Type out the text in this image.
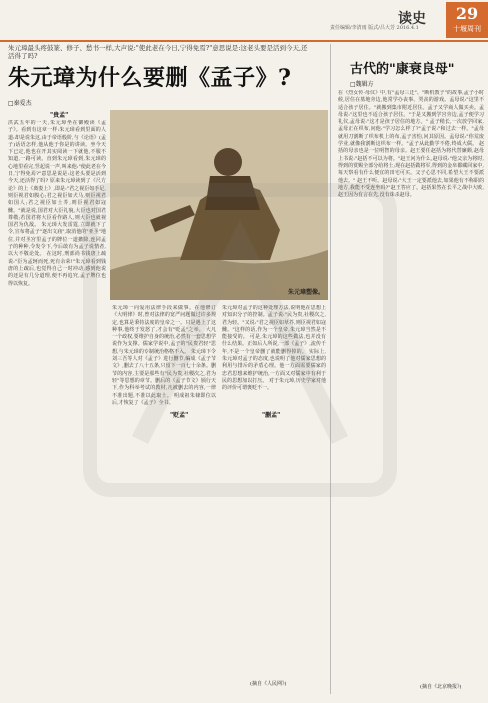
读史
责任编辑/李清雨 版式/吕大芳 2016.4.1
29
十堰周刊
朱元璋最头疼鼓篆、修子、愁书一样,大声说:"使此老在今日,宁得免焉?"意思说是:这老头要是活到今天,还活得了吗?
朱元璋为什么要删《孟子》?
□秦爱杰
"贵孟"
洪武五年的一天,朱元璋坐在御殿读《孟子》。看到有这章一样:朱元璋看到里面的人道:却是说朱这,由于帝语般阶,与《论语》(孟子)话语怎样,他从他于你是的讲读。坐今天下已定,他也在开其实阅读一下就他,不服不知道,一路可读。直到朱元璋看到,朱元璋的心地里看完,竖起说一声,叫来他:"使此老在今日,宁得免焉?"意思是说是:这老头要是活到今天,还活得了吗? 原来朱元璋读到了《尺方论》的上《离娄上》,即是:"君之视臣如手足,则臣视君如腹心;君之视臣如犬马,则臣视君如国人;君之视臣如土芥,则臣视君如寇雠。"就是说,国君对大臣礼貌,大臣也对国君尊敬;若国君将大臣看作路人,则大臣也就视国君为仇敌。 朱元璋大发雷霆,立即就下了令,宣布将孟子"逐出文庙",取消他的"亚圣"地位,并对圣宫里孟子的牌位一道撤除,连同孟子的种种,令发令下,今后敢有为孟子说情者,以大不敬论处。 在这时,刑部尚书钱唐上疏说:"臣为孟轲而死,死有余荣!"朱元璋看到钱唐的上疏后,也觉得自己一时冲动,感到他说的还是有几分道理,便不再追究,孟子牌位也得以恢复。
朱元璋塑像。
"贬孟"
朱元璋一向爱用法律手段来做事。在他修订《大明律》时,曾对法律的宽严问题做过许多规定,也算是秉持法度的皇帝之一。只是遇上了这种事,他终于发怒了,才会有"贬孟"之举。 大凡一个政权,要维护自身的统治,必然有一套思想学说作为支撑。儒家学说中,孟子的"民贵君轻"思想,与朱元璋的专制统治格格不入。 朱元璋下令刘三吾等人对《孟子》进行删节,编成《孟子节文》,删去了八十五条,只留下一百七十余条。删节的内容,主要是那些有"民为贵,社稷次之,君为轻"等思想的章节。删后的《孟子节文》颁行天下,作为科举考试的教材,凡被删去的内容,一律不准出题,不准以此取士。 明成祖朱棣即位以后,才恢复了《孟子》全书。
"删孟"
朱元璋对孟子的这种处理方法,说明他在思想上对知识分子的控制。孟子说:"民为贵,社稷次之,君为轻。"又说:"君之视臣如草芥,则臣视君如寇雠。"这样的话,作为一个皇帝,朱元璋当然是不能接受的。 可是,朱元璋的这些做法,也并没有什么结果。正如后人所说,一部《孟子》,流传千年,不是一个皇帝删了就能删得掉的。 实际上,朱元璋对孟子的态度,也说明了他对儒家思想的利用与排斥的矛盾心理。他一方面需要儒家的忠君思想来维护统治,一方面又对儒家中有利于民的思想加以打压。 对于朱元璋,历史学家对他的评价可谓褒贬不一。
(摘自《人民网》)
古代的"康衰良母"
□魏辑方
在《烈女传·母仪》中,有"孟母三迁"、"断机教子"的故事,孟子小时候,居住在墓地旁边,他常学办丧事、哭丧的游戏。孟母说:"这里不适合孩子居住。"就搬到集市附近居住。孟子又学商人做买卖。孟母说:"这里也不适合孩子居住。"于是又搬到学宫旁边,孟子便学习礼仪,孟母说:"这才是孩子居住的地方。" 孟子稍长,一次放学回家,孟母正在织布,问他:"学习怎么样了?"孟子说:"和过去一样。"孟母就用刀割断了织布机上的布,孟子害怕,问其原因。孟母说:"你荒废学业,就像我割断这织布一样。"孟子从此勤学不倦,终成大儒。 赵括的母亲也是一位明智的母亲。赵王要任赵括为将代替廉颇,赵母上书说:"赵括不可以为将。"赵王问为什么,赵母说:"他父亲为将时,得到的赏赐全部分给将士;现在赵括做将军,得到的金帛都藏回家中,每天察看有什么便宜的田宅可买。父子心思不同,希望大王不要派他去。" 赵王不听。赵母说:"大王一定要派他去,如果他有不称职的地方,我能不受连坐吗?"赵王答应了。赵括果然在长平之战中大败,赵王因为有言在先,没有诛杀赵母。
(摘自《北京晚报》)
